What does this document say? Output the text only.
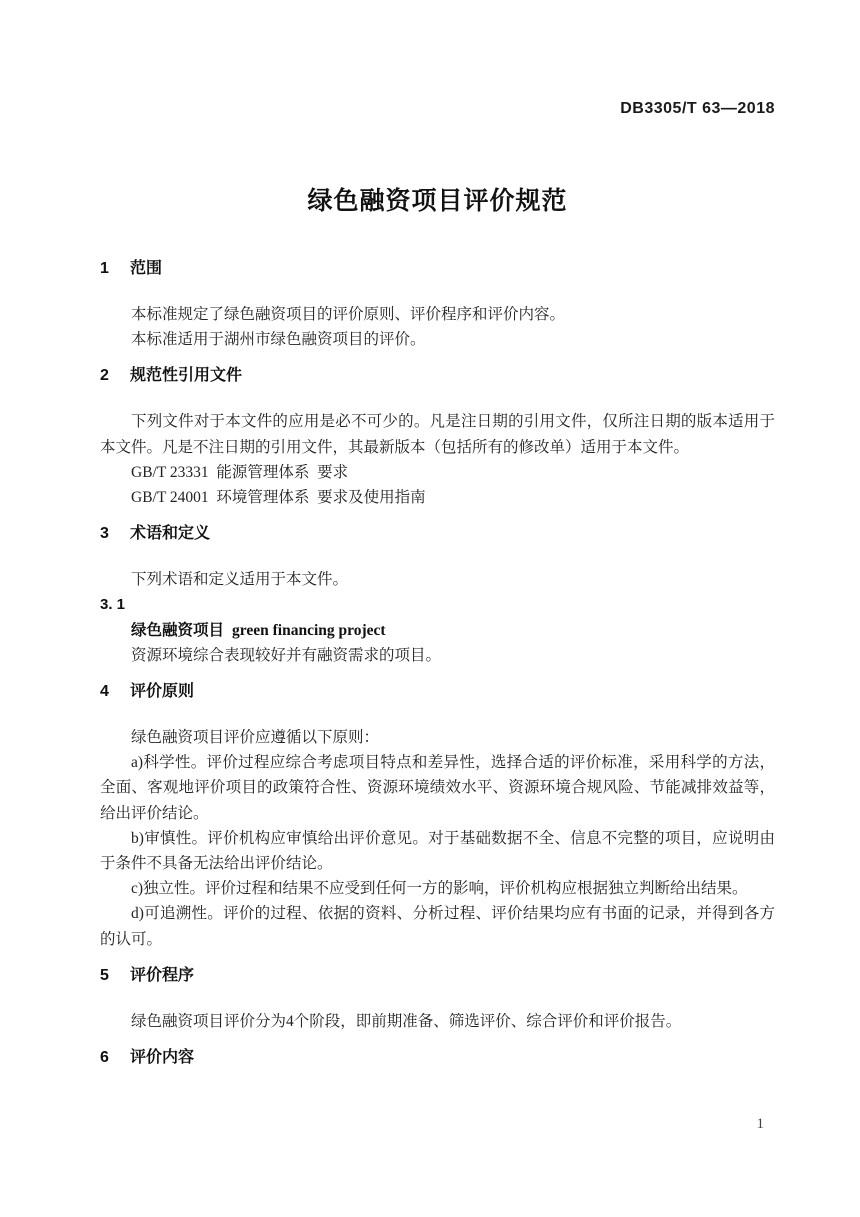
DB3305/T 63—2018

绿色融资项目评价规范
1 范围

本标准规定了绿色融资项目的评价原则、评价程序和评价内容。

本标准适用于湖州市绿色融资项目的评价。

2 规范性引用文件

下列文件对于本文件的应用是必不可少的。凡是注日期的引用文件，仅所注日期的版本适用于本文件。凡是不注日期的引用文件，其最新版本（包括所有的修改单）适用于本文件。

GB/T 23331  能源管理体系  要求

GB/T 24001  环境管理体系  要求及使用指南

3 术语和定义

下列术语和定义适用于本文件。

3. 1

绿色融资项目 green financing project

资源环境综合表现较好并有融资需求的项目。

4 评价原则

绿色融资项目评价应遵循以下原则：

a)科学性。评价过程应综合考虑项目特点和差异性，选择合适的评价标准，采用科学的方法，全面、客观地评价项目的政策符合性、资源环境绩效水平、资源环境合规风险、节能减排效益等，给出评价结论。

b)审慎性。评价机构应审慎给出评价意见。对于基础数据不全、信息不完整的项目，应说明由于条件不具备无法给出评价结论。

c)独立性。评价过程和结果不应受到任何一方的影响，评价机构应根据独立判断给出结果。

d)可追溯性。评价的过程、依据的资料、分析过程、评价结果均应有书面的记录，并得到各方的认可。

5 评价程序

绿色融资项目评价分为4个阶段，即前期准备、筛选评价、综合评价和评价报告。

6 评价内容
1
